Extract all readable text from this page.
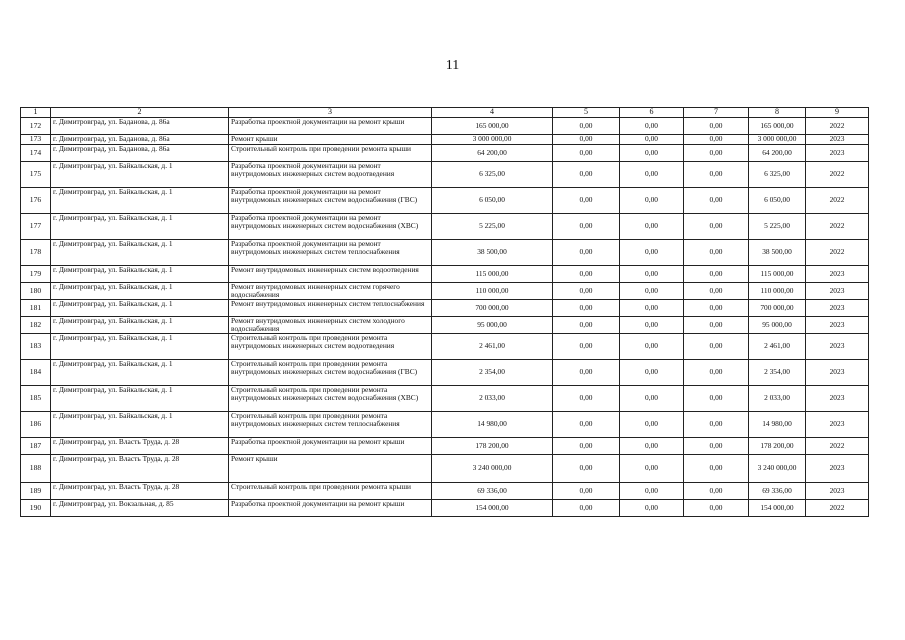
11
1	2	3	4	5	6	7	8	9
172	г. Димитровград, ул. Баданова, д. 86а	Разработка проектной документации на ремонт крыши	165 000,00	0,00	0,00	0,00	165 000,00	2022
173	г. Димитровград, ул. Баданова, д. 86а	Ремонт крыши	3 000 000,00	0,00	0,00	0,00	3 000 000,00	2023
174	г. Димитровград, ул. Баданова, д. 86а	Строительный контроль при проведении ремонта крыши	64 200,00	0,00	0,00	0,00	64 200,00	2023
175	г. Димитровград, ул. Байкальская, д. 1	Разработка проектной документации на ремонт внутридомовых инженерных систем водоотведения	6 325,00	0,00	0,00	0,00	6 325,00	2022
176	г. Димитровград, ул. Байкальская, д. 1	Разработка проектной документации на ремонт внутридомовых инженерных систем водоснабжения (ГВС)	6 050,00	0,00	0,00	0,00	6 050,00	2022
177	г. Димитровград, ул. Байкальская, д. 1	Разработка проектной документации на ремонт внутридомовых инженерных систем водоснабжения (ХВС)	5 225,00	0,00	0,00	0,00	5 225,00	2022
178	г. Димитровград, ул. Байкальская, д. 1	Разработка проектной документации на ремонт внутридомовых инженерных систем теплоснабжения	38 500,00	0,00	0,00	0,00	38 500,00	2022
179	г. Димитровград, ул. Байкальская, д. 1	Ремонт внутридомовых инженерных систем водоотведения	115 000,00	0,00	0,00	0,00	115 000,00	2023
180	г. Димитровград, ул. Байкальская, д. 1	Ремонт внутридомовых инженерных систем горячего водоснабжения	110 000,00	0,00	0,00	0,00	110 000,00	2023
181	г. Димитровград, ул. Байкальская, д. 1	Ремонт внутридомовых инженерных систем теплоснабжения	700 000,00	0,00	0,00	0,00	700 000,00	2023
182	г. Димитровград, ул. Байкальская, д. 1	Ремонт внутридомовых инженерных систем холодного водоснабжения	95 000,00	0,00	0,00	0,00	95 000,00	2023
183	г. Димитровград, ул. Байкальская, д. 1	Строительный контроль при проведении ремонта внутридомовых инженерных систем водоотведения	2 461,00	0,00	0,00	0,00	2 461,00	2023
184	г. Димитровград, ул. Байкальская, д. 1	Строительный контроль при проведении ремонта внутридомовых инженерных систем водоснабжения (ГВС)	2 354,00	0,00	0,00	0,00	2 354,00	2023
185	г. Димитровград, ул. Байкальская, д. 1	Строительный контроль при проведении ремонта внутридомовых инженерных систем водоснабжения (ХВС)	2 033,00	0,00	0,00	0,00	2 033,00	2023
186	г. Димитровград, ул. Байкальская, д. 1	Строительный контроль при проведении ремонта внутридомовых инженерных систем теплоснабжения	14 980,00	0,00	0,00	0,00	14 980,00	2023
187	г. Димитровград, ул. Власть Труда, д. 28	Разработка проектной документации на ремонт крыши	178 200,00	0,00	0,00	0,00	178 200,00	2022
188	г. Димитровград, ул. Власть Труда, д. 28	Ремонт крыши	3 240 000,00	0,00	0,00	0,00	3 240 000,00	2023
189	г. Димитровград, ул. Власть Труда, д. 28	Строительный контроль при проведении ремонта крыши	69 336,00	0,00	0,00	0,00	69 336,00	2023
190	г. Димитровград, ул. Вокзальная, д. 85	Разработка проектной документации на ремонт крыши	154 000,00	0,00	0,00	0,00	154 000,00	2022
